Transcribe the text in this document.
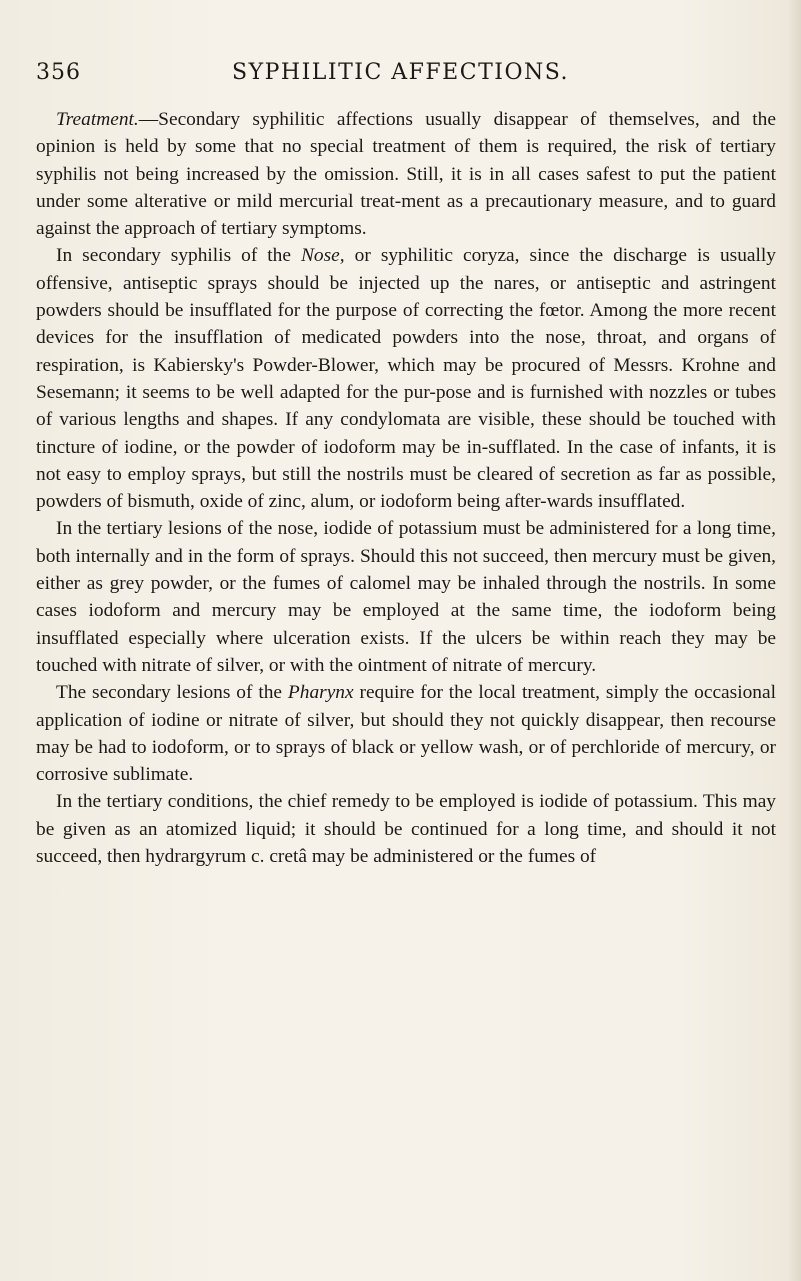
356	SYPHILITIC AFFECTIONS.

Treatment.—Secondary syphilitic affections usually disappear of themselves, and the opinion is held by some that no special treatment of them is required, the risk of tertiary syphilis not being increased by the omission. Still, it is in all cases safest to put the patient under some alterative or mild mercurial treat-ment as a precautionary measure, and to guard against the approach of tertiary symptoms.

In secondary syphilis of the Nose, or syphilitic coryza, since the discharge is usually offensive, antiseptic sprays should be injected up the nares, or antiseptic and astringent powders should be insufflated for the purpose of correcting the fœtor. Among the more recent devices for the insufflation of medicated powders into the nose, throat, and organs of respiration, is Kabiersky's Powder-Blower, which may be procured of Messrs. Krohne and Sesemann; it seems to be well adapted for the pur-pose and is furnished with nozzles or tubes of various lengths and shapes. If any condylomata are visible, these should be touched with tincture of iodine, or the powder of iodoform may be in-sufflated. In the case of infants, it is not easy to employ sprays, but still the nostrils must be cleared of secretion as far as possible, powders of bismuth, oxide of zinc, alum, or iodoform being after-wards insufflated.

In the tertiary lesions of the nose, iodide of potassium must be administered for a long time, both internally and in the form of sprays. Should this not succeed, then mercury must be given, either as grey powder, or the fumes of calomel may be inhaled through the nostrils. In some cases iodoform and mercury may be employed at the same time, the iodoform being insufflated especially where ulceration exists. If the ulcers be within reach they may be touched with nitrate of silver, or with the ointment of nitrate of mercury.

The secondary lesions of the Pharynx require for the local treatment, simply the occasional application of iodine or nitrate of silver, but should they not quickly disappear, then recourse may be had to iodoform, or to sprays of black or yellow wash, or of perchloride of mercury, or corrosive sublimate.

In the tertiary conditions, the chief remedy to be employed is iodide of potassium. This may be given as an atomized liquid; it should be continued for a long time, and should it not succeed, then hydrargyrum c. cretâ may be administered or the fumes of
